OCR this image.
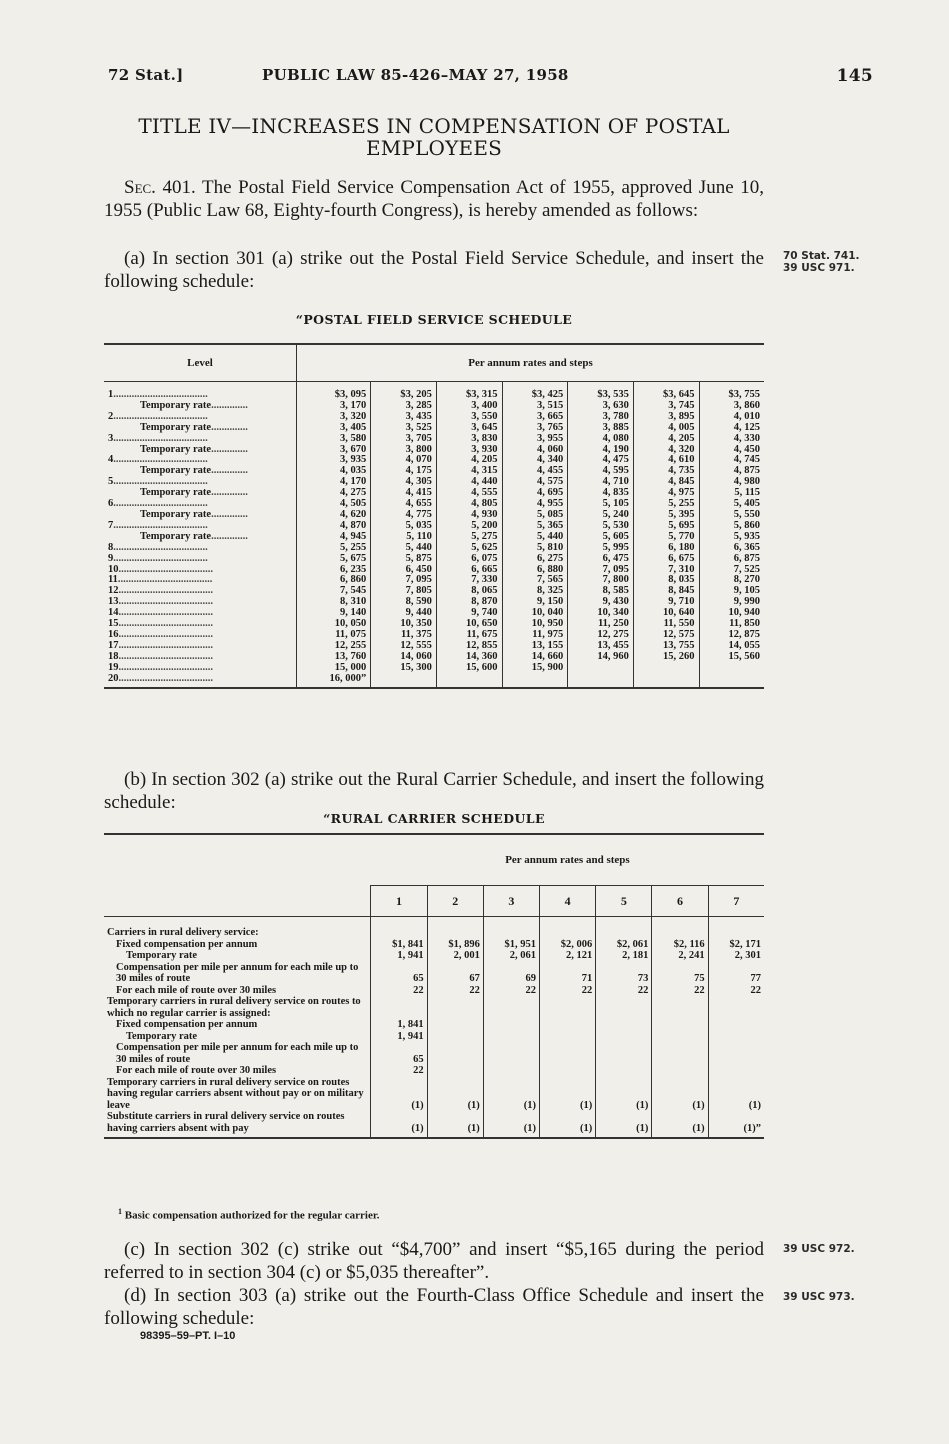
72 Stat.]	PUBLIC LAW 85-426–MAY 27, 1958	145
TITLE IV—INCREASES IN COMPENSATION OF POSTAL EMPLOYEES
Sec. 401. The Postal Field Service Compensation Act of 1955, approved June 10, 1955 (Public Law 68, Eighty-fourth Congress), is hereby amended as follows:
(a) In section 301 (a) strike out the Postal Field Service Schedule, and insert the following schedule:
70 Stat. 741.
39 USC 971.
“POSTAL FIELD SERVICE SCHEDULE
Level	Per annum rates and steps						
1....................................	$3, 095	$3, 205	$3, 315	$3, 425	$3, 535	$3, 645	$3, 755
Temporary rate..............	3, 170	3, 285	3, 400	3, 515	3, 630	3, 745	3, 860
2....................................	3, 320	3, 435	3, 550	3, 665	3, 780	3, 895	4, 010
Temporary rate..............	3, 405	3, 525	3, 645	3, 765	3, 885	4, 005	4, 125
3....................................	3, 580	3, 705	3, 830	3, 955	4, 080	4, 205	4, 330
Temporary rate..............	3, 670	3, 800	3, 930	4, 060	4, 190	4, 320	4, 450
4....................................	3, 935	4, 070	4, 205	4, 340	4, 475	4, 610	4, 745
Temporary rate..............	4, 035	4, 175	4, 315	4, 455	4, 595	4, 735	4, 875
5....................................	4, 170	4, 305	4, 440	4, 575	4, 710	4, 845	4, 980
Temporary rate..............	4, 275	4, 415	4, 555	4, 695	4, 835	4, 975	5, 115
6....................................	4, 505	4, 655	4, 805	4, 955	5, 105	5, 255	5, 405
Temporary rate..............	4, 620	4, 775	4, 930	5, 085	5, 240	5, 395	5, 550
7....................................	4, 870	5, 035	5, 200	5, 365	5, 530	5, 695	5, 860
Temporary rate..............	4, 945	5, 110	5, 275	5, 440	5, 605	5, 770	5, 935
8....................................	5, 255	5, 440	5, 625	5, 810	5, 995	6, 180	6, 365
9....................................	5, 675	5, 875	6, 075	6, 275	6, 475	6, 675	6, 875
10....................................	6, 235	6, 450	6, 665	6, 880	7, 095	7, 310	7, 525
11....................................	6, 860	7, 095	7, 330	7, 565	7, 800	8, 035	8, 270
12....................................	7, 545	7, 805	8, 065	8, 325	8, 585	8, 845	9, 105
13....................................	8, 310	8, 590	8, 870	9, 150	9, 430	9, 710	9, 990
14....................................	9, 140	9, 440	9, 740	10, 040	10, 340	10, 640	10, 940
15....................................	10, 050	10, 350	10, 650	10, 950	11, 250	11, 550	11, 850
16....................................	11, 075	11, 375	11, 675	11, 975	12, 275	12, 575	12, 875
17....................................	12, 255	12, 555	12, 855	13, 155	13, 455	13, 755	14, 055
18....................................	13, 760	14, 060	14, 360	14, 660	14, 960	15, 260	15, 560
19....................................	15, 000	15, 300	15, 600	15, 900			
20....................................	16, 000”						
(b) In section 302 (a) strike out the Rural Carrier Schedule, and insert the following schedule:
“RURAL CARRIER SCHEDULE
	Per annum rates and steps						
	1	2	3	4	5	6	7
Carriers in rural delivery service:							
Fixed compensation per annum	$1, 841	$1, 896	$1, 951	$2, 006	$2, 061	$2, 116	$2, 171
Temporary rate	1, 941	2, 001	2, 061	2, 121	2, 181	2, 241	2, 301
Compensation per mile per annum for each mile up to 30 miles of route	65	67	69	71	73	75	77
For each mile of route over 30 miles	22	22	22	22	22	22	22
Temporary carriers in rural delivery service on routes to which no regular carrier is assigned:							
Fixed compensation per annum	1, 841						
Temporary rate	1, 941						
Compensation per mile per annum for each mile up to 30 miles of route	65						
For each mile of route over 30 miles	22						
Temporary carriers in rural delivery service on routes having regular carriers absent without pay or on military leave	(1)	(1)	(1)	(1)	(1)	(1)	(1)
Substitute carriers in rural delivery service on routes having carriers absent with pay	(1)	(1)	(1)	(1)	(1)	(1)	(1)”
$^1$ Basic compensation authorized for the regular carrier.
(c) In section 302 (c) strike out “$4,700” and insert “$5,165 during the period referred to in section 304 (c) or $5,035 thereafter”.
39 USC 972.
(d) In section 303 (a) strike out the Fourth-Class Office Schedule and insert the following schedule:
39 USC 973.
98395–59–PT. I–10
